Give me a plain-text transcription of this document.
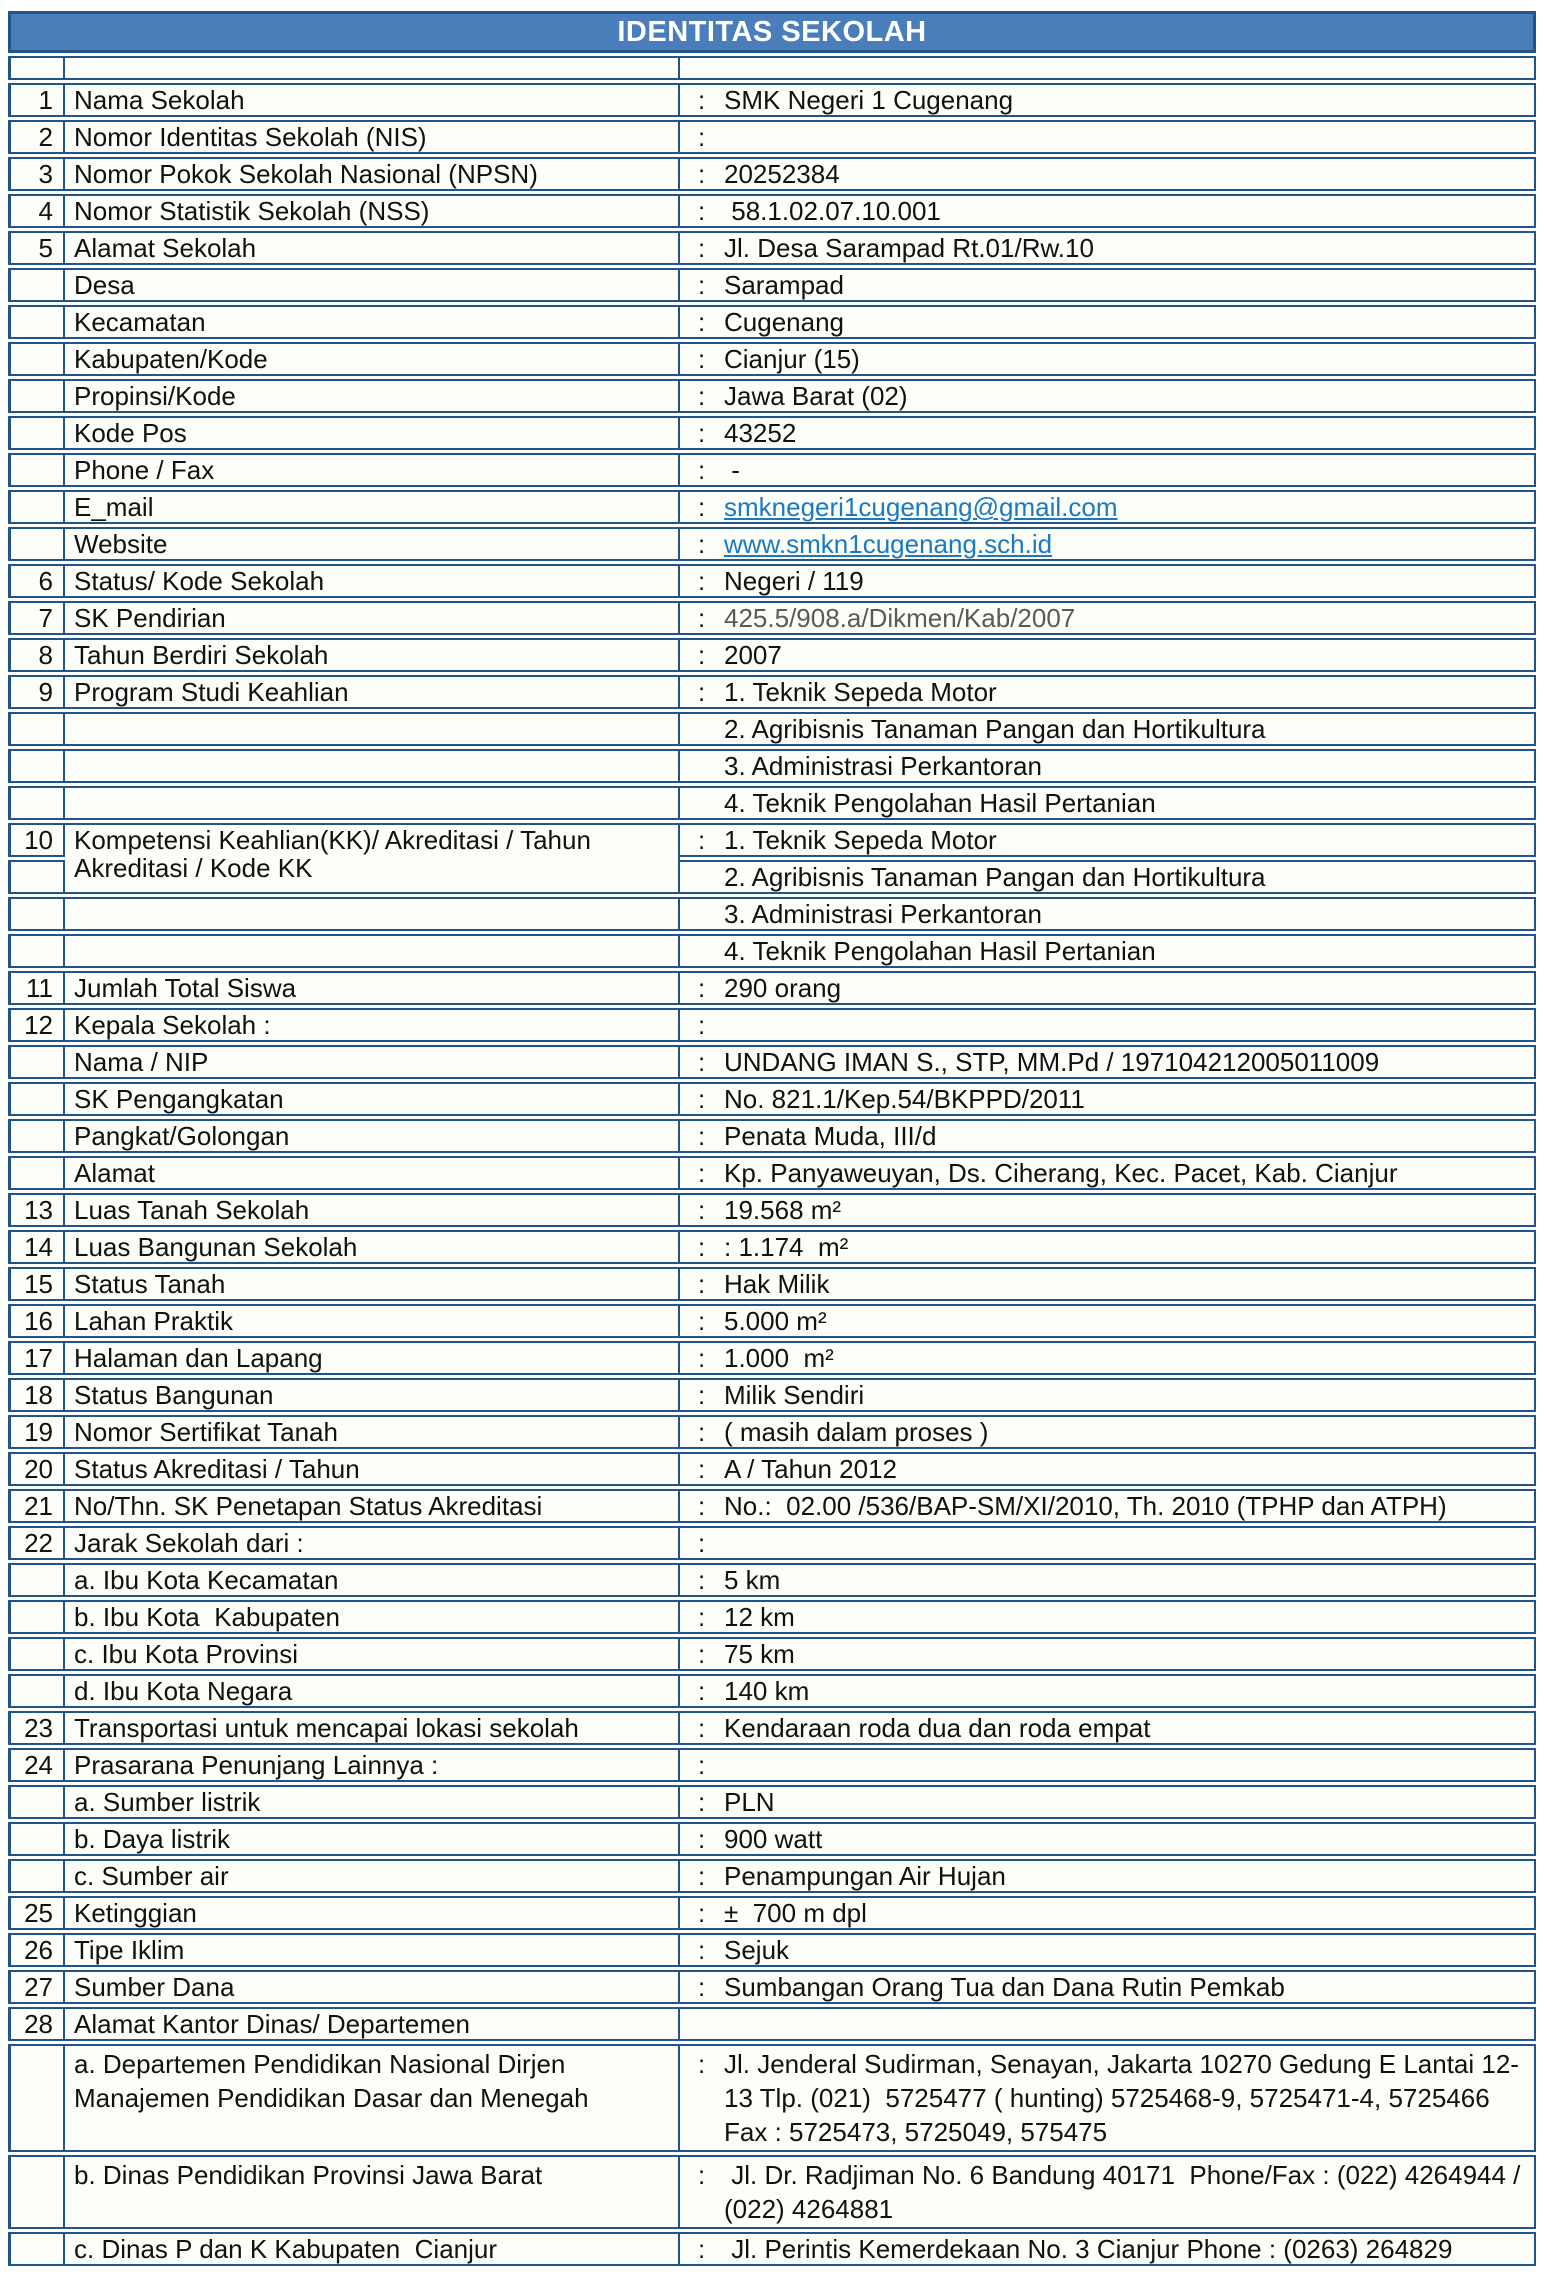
IDENTITAS SEKOLAH		

1	Nama Sekolah	: SMK Negeri 1 Cugenang
2	Nomor Identitas Sekolah (NIS)	:
3	Nomor Pokok Sekolah Nasional (NPSN)	: 20252384
4	Nomor Statistik Sekolah (NSS)	: 58.1.02.07.10.001
5	Alamat Sekolah	: Jl. Desa Sarampad Rt.01/Rw.10
	Desa	: Sarampad
	Kecamatan	: Cugenang
	Kabupaten/Kode	: Cianjur (15)
	Propinsi/Kode	: Jawa Barat (02)
	Kode Pos	: 43252
	Phone / Fax	: -
	E_mail	: smknegeri1cugenang@gmail.com
	Website	: www.smkn1cugenang.sch.id
6	Status/ Kode Sekolah	: Negeri / 119
7	SK Pendirian	: 425.5/908.a/Dikmen/Kab/2007
8	Tahun Berdiri Sekolah	: 2007
9	Program Studi Keahlian	: 1. Teknik Sepeda Motor
		2. Agribisnis Tanaman Pangan dan Hortikultura
		3. Administrasi Perkantoran
		4. Teknik Pengolahan Hasil Pertanian
10	Kompetensi Keahlian(KK)/ Akreditasi / Tahun Akreditasi / Kode KK	: 1. Teknik Sepeda Motor
		2. Agribisnis Tanaman Pangan dan Hortikultura
		3. Administrasi Perkantoran
		4. Teknik Pengolahan Hasil Pertanian
11	Jumlah Total Siswa	: 290 orang
12	Kepala Sekolah :	:
	Nama / NIP	: UNDANG IMAN S., STP, MM.Pd / 197104212005011009
	SK Pengangkatan	: No. 821.1/Kep.54/BKPPD/2011
	Pangkat/Golongan	: Penata Muda, III/d
	Alamat	: Kp. Panyaweuyan, Ds. Ciherang, Kec. Pacet, Kab. Cianjur
13	Luas Tanah Sekolah	: 19.568 m²
14	Luas Bangunan Sekolah	: : 1.174  m²
15	Status Tanah	: Hak Milik
16	Lahan Praktik	: 5.000 m²
17	Halaman dan Lapang	: 1.000  m²
18	Status Bangunan	: Milik Sendiri
19	Nomor Sertifikat Tanah	: ( masih dalam proses )
20	Status Akreditasi / Tahun	: A / Tahun 2012
21	No/Thn. SK Penetapan Status Akreditasi	: No.:  02.00 /536/BAP-SM/XI/2010, Th. 2010 (TPHP dan ATPH)
22	Jarak Sekolah dari :	:
	a. Ibu Kota Kecamatan	: 5 km
	b. Ibu Kota  Kabupaten	: 12 km
	c. Ibu Kota Provinsi	: 75 km
	d. Ibu Kota Negara	: 140 km
23	Transportasi untuk mencapai lokasi sekolah	: Kendaraan roda dua dan roda empat
24	Prasarana Penunjang Lainnya :	:
	a. Sumber listrik	: PLN
	b. Daya listrik	: 900 watt
	c. Sumber air	: Penampungan Air Hujan
25	Ketinggian	: ±  700 m dpl
26	Tipe Iklim	: Sejuk
27	Sumber Dana	: Sumbangan Orang Tua dan Dana Rutin Pemkab
28	Alamat Kantor Dinas/ Departemen	
	a. Departemen Pendidikan Nasional Dirjen Manajemen Pendidikan Dasar dan Menegah	: Jl. Jenderal Sudirman, Senayan, Jakarta 10270 Gedung E Lantai 12-13 Tlp. (021)  5725477 ( hunting) 5725468-9, 5725471-4, 5725466 Fax : 5725473, 5725049, 575475
	b. Dinas Pendidikan Provinsi Jawa Barat	: Jl. Dr. Radjiman No. 6 Bandung 40171  Phone/Fax : (022) 4264944 / (022) 4264881
	c. Dinas P dan K Kabupaten  Cianjur	: Jl. Perintis Kemerdekaan No. 3 Cianjur Phone : (0263) 264829
